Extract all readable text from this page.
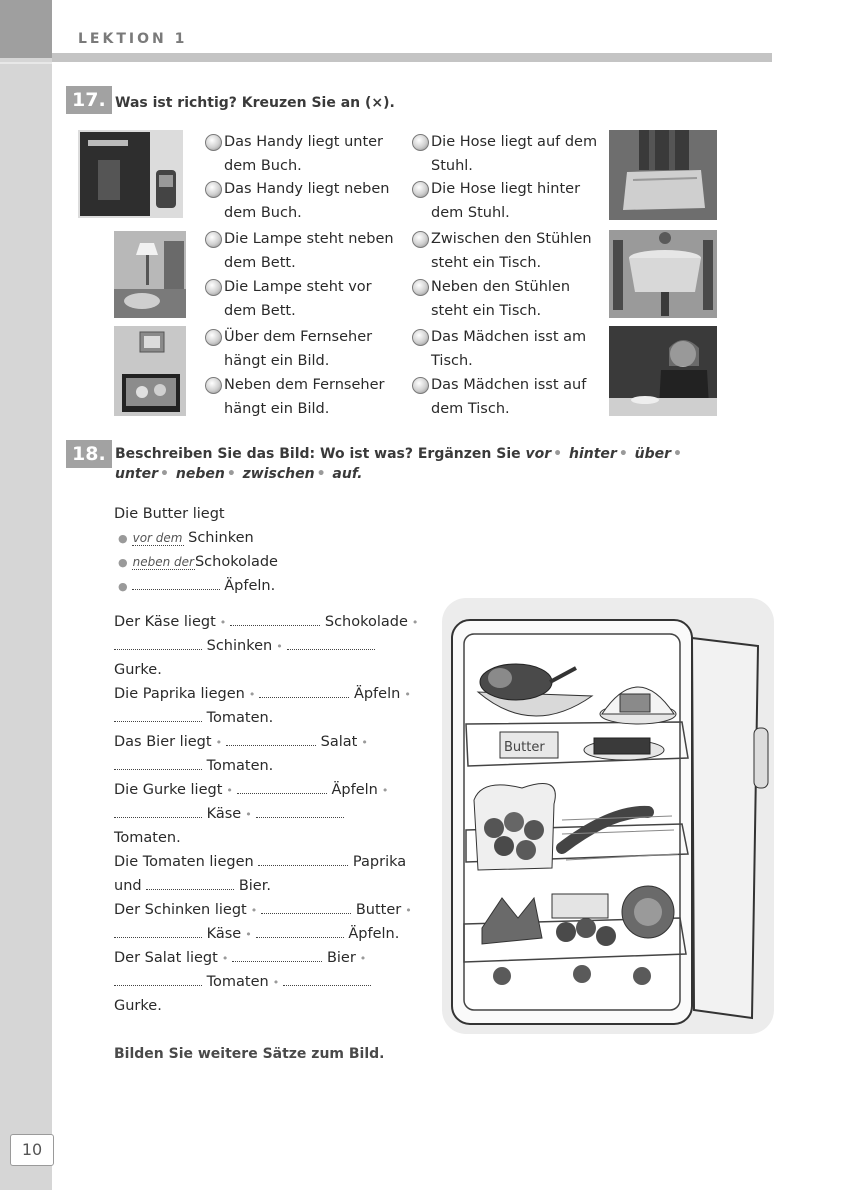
LEKTION 1
17. Was ist richtig? Kreuzen Sie an (×).
Das Handy liegt unter
dem Buch.
Das Handy liegt neben
dem Buch.
Die Lampe steht neben
dem Bett.
Die Lampe steht vor
dem Bett.
Über dem Fernseher
hängt ein Bild.
Neben dem Fernseher
hängt ein Bild.
Die Hose liegt auf dem
Stuhl.
Die Hose liegt hinter
dem Stuhl.
Zwischen den Stühlen
steht ein Tisch.
Neben den Stühlen
steht ein Tisch.
Das Mädchen isst am
Tisch.
Das Mädchen isst auf
dem Tisch.
18. Beschreiben Sie das Bild: Wo ist was? Ergänzen Sie vor • hinter • über •
unter • neben • zwischen • auf.
Die Butter liegt
● vor dem Schinken
● neben derSchokolade
●	Äpfeln.
Der Käse liegt •	Schokolade •
Schinken •
Gurke.
Die Paprika liegen •	Äpfeln •
Tomaten.
Das Bier liegt •	Salat •
Tomaten.
Die Gurke liegt •	Äpfeln •
Käse •
Tomaten.
Die Tomaten liegen	Paprika
und	Bier.
Der Schinken liegt •	Butter •
Käse •	Äpfeln.
Der Salat liegt •	Bier •
Tomaten •
Gurke.
Butter
Bilden Sie weitere Sätze zum Bild.
10
